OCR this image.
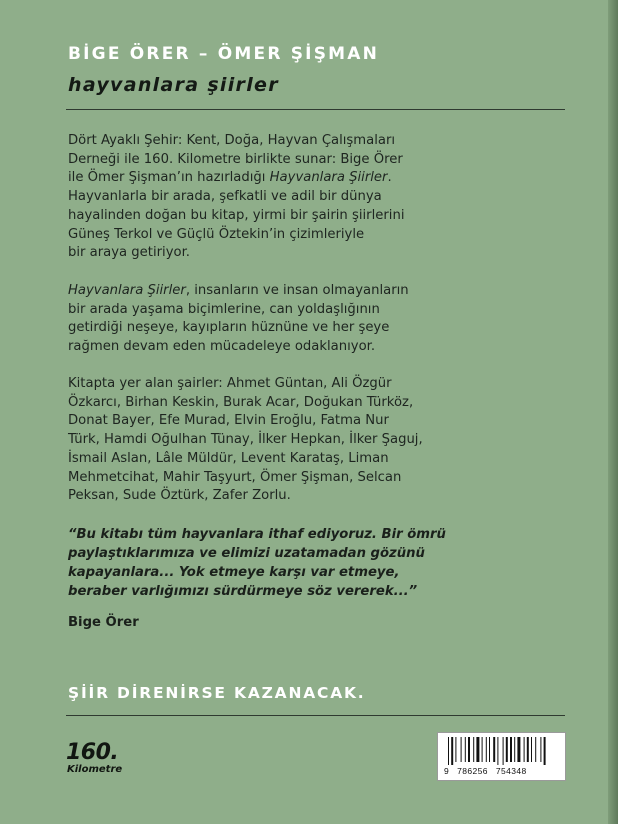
BİGE ÖRER – ÖMER ŞİŞMAN
hayvanlara şiirler
Dört Ayaklı Şehir: Kent, Doğa, Hayvan Çalışmaları
Derneği ile 160. Kilometre birlikte sunar: Bige Örer
ile Ömer Şişman’ın hazırladığı Hayvanlara Şiirler.
Hayvanlarla bir arada, şefkatli ve adil bir dünya
hayalinden doğan bu kitap, yirmi bir şairin şiirlerini
Güneş Terkol ve Güçlü Öztekin’in çizimleriyle
bir araya getiriyor.
Hayvanlara Şiirler, insanların ve insan olmayanların
bir arada yaşama biçimlerine, can yoldaşlığının
getirdiği neşeye, kayıpların hüznüne ve her şeye
rağmen devam eden mücadeleye odaklanıyor.
Kitapta yer alan şairler: Ahmet Güntan, Ali Özgür
Özkarcı, Birhan Keskin, Burak Acar, Doğukan Türköz,
Donat Bayer, Efe Murad, Elvin Eroğlu, Fatma Nur
Türk, Hamdi Oğulhan Tünay, İlker Hepkan, İlker Şaguj,
İsmail Aslan, Lâle Müldür, Levent Karataş, Liman
Mehmetcihat, Mahir Taşyurt, Ömer Şişman, Selcan
Peksan, Sude Öztürk, Zafer Zorlu.
“Bu kitabı tüm hayvanlara ithaf ediyoruz. Bir ömrü
paylaştıklarımıza ve elimizi uzatamadan gözünü
kapayanlara... Yok etmeye karşı var etmeye,
beraber varlığımızı sürdürmeye söz vererek...”
Bige Örer
ŞİİR DİRENİRSE KAZANACAK.
160.
Kilometre	9 786256 754348
